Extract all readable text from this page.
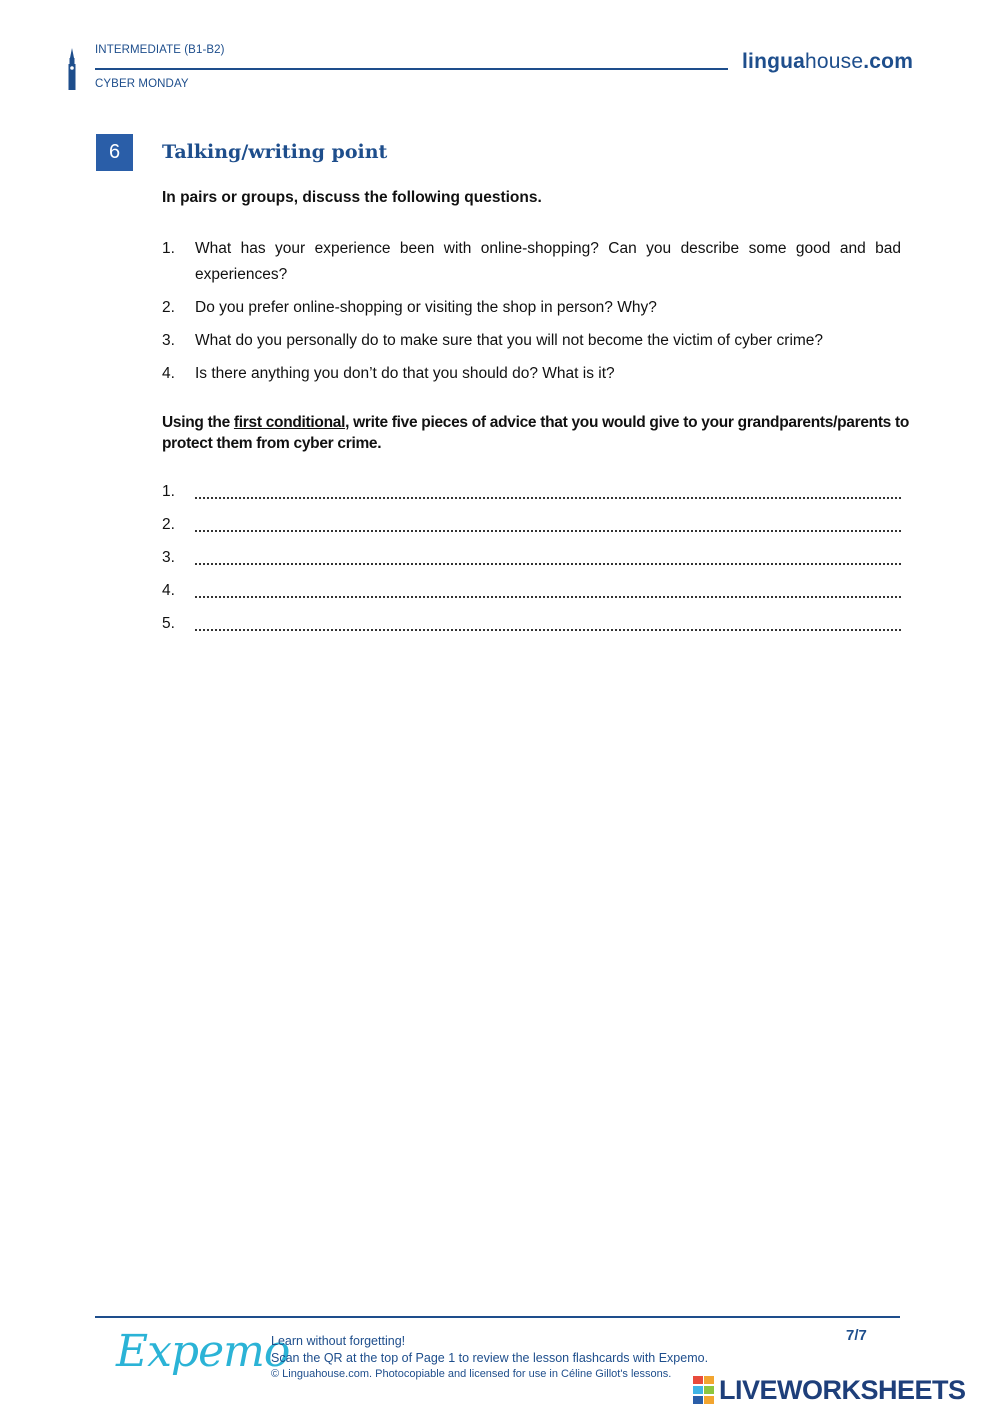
INTERMEDIATE (B1-B2)
CYBER MONDAY
linguahouse.com
6	Talking/writing point
In pairs or groups, discuss the following questions.
1. What has your experience been with online-shopping? Can you describe some good and bad experiences?
2. Do you prefer online-shopping or visiting the shop in person? Why?
3. What do you personally do to make sure that you will not become the victim of cyber crime?
4. Is there anything you don’t do that you should do? What is it?
Using the first conditional, write five pieces of advice that you would give to your grandparents/parents to protect them from cyber crime.
1.
2.
3.
4.
5.
Expemo
Learn without forgetting!
Scan the QR at the top of Page 1 to review the lesson flashcards with Expemo.
© Linguahouse.com. Photocopiable and licensed for use in Céline Gillot's lessons.
7/7
LIVEWORKSHEETS
